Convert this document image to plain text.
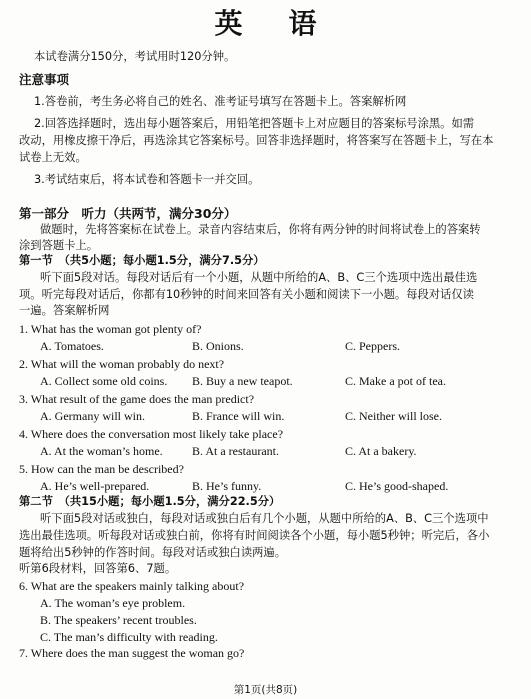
英语
本试卷满分150分，考试用时120分钟。
注意事项
1.答卷前，考生务必将自己的姓名、准考证号填写在答题卡上。答案解析网
2.回答选择题时，选出每小题答案后，用铅笔把答题卡上对应题目的答案标号涂黑。如需
改动，用橡皮擦干净后，再选涂其它答案标号。回答非选择题时，将答案写在答题卡上，写在本
试卷上无效。
3.考试结束后，将本试卷和答题卡一并交回。
第一部分　听力（共两节，满分30分）
做题时，先将答案标在试卷上。录音内容结束后，你将有两分钟的时间将试卷上的答案转
涂到答题卡上。
第一节　（共5小题；每小题1.5分，满分7.5分）
听下面5段对话。每段对话后有一个小题，从题中所给的A、B、C三个选项中选出最佳选
项。听完每段对话后，你都有10秒钟的时间来回答有关小题和阅读下一小题。每段对话仅读
一遍。答案解析网
1. What has the woman got plenty of?
A. Tomatoes.	B. Onions.	C. Peppers.
2. What will the woman probably do next?
A. Collect some old coins. B. Buy a new teapot.	C. Make a pot of tea.
3. What result of the game does the man predict?
A. Germany will win.	B. France will win.	C. Neither will lose.
4. Where does the conversation most likely take place?
A. At the woman’s home. B. At a restaurant.	C. At a bakery.
5. How can the man be described?
A. He’s well-prepared.	B. He’s funny.	C. He’s good-shaped.
第二节　（共15小题；每小题1.5分，满分22.5分）
听下面5段对话或独白，每段对话或独白后有几个小题，从题中所给的A、B、C三个选项中
选出最佳选项。听每段对话或独白前，你将有时间阅读各个小题，每小题5秒钟；听完后，各小
题将给出5秒钟的作答时间。每段对话或独白读两遍。
听第6段材料，回答第6、7题。
6. What are the speakers mainly talking about?
A. The woman’s eye problem.
B. The speakers’ recent troubles.
C. The man’s difficulty with reading.
7. Where does the man suggest the woman go?
第1页(共8页)
